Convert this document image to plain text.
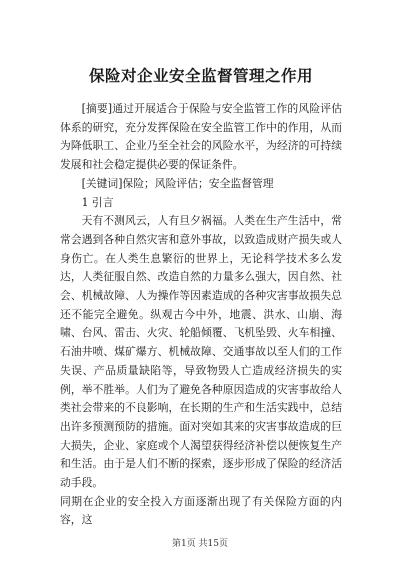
保险对企业安全监督管理之作用

[摘要]通过开展适合于保险与安全监管工作的风险评估体系的研究，充分发挥保险在安全监管工作中的作用，从而为降低职工、企业乃至全社会的风险水平，为经济的可持续发展和社会稳定提供必要的保证条件。

[关键词]保险；风险评估；安全监督管理

1 引言

天有不测风云，人有旦夕祸福。人类在生产生活中，常常会遇到各种自然灾害和意外事故，以致造成财产损失或人身伤亡。在人类生息繁衍的世界上，无论科学技术多么发达，人类征服自然、改造自然的力量多么强大，因自然、社会、机械故障、人为操作等因素造成的各种灾害事故损失总还不能完全避免。纵观古今中外，地震、洪水、山崩、海啸、台风、雷击、火灾、轮船倾覆、飞机坠毁、火车相撞、石油井喷、煤矿爆方、机械故障、交通事故以至人们的工作失误、产品质量缺陷等，导致物毁人亡造成经济损失的实例，举不胜举。人们为了避免各种原因造成的灾害事故给人类社会带来的不良影响，在长期的生产和生活实践中，总结出许多预测预防的措施。面对突如其来的灾害事故造成的巨大损失，企业、家庭或个人渴望获得经济补偿以便恢复生产和生活。由于是人们不断的探索，逐步形成了保险的经济活动手段。

同期在企业的安全投入方面逐渐出现了有关保险方面的内容，这

第1页 共15页
